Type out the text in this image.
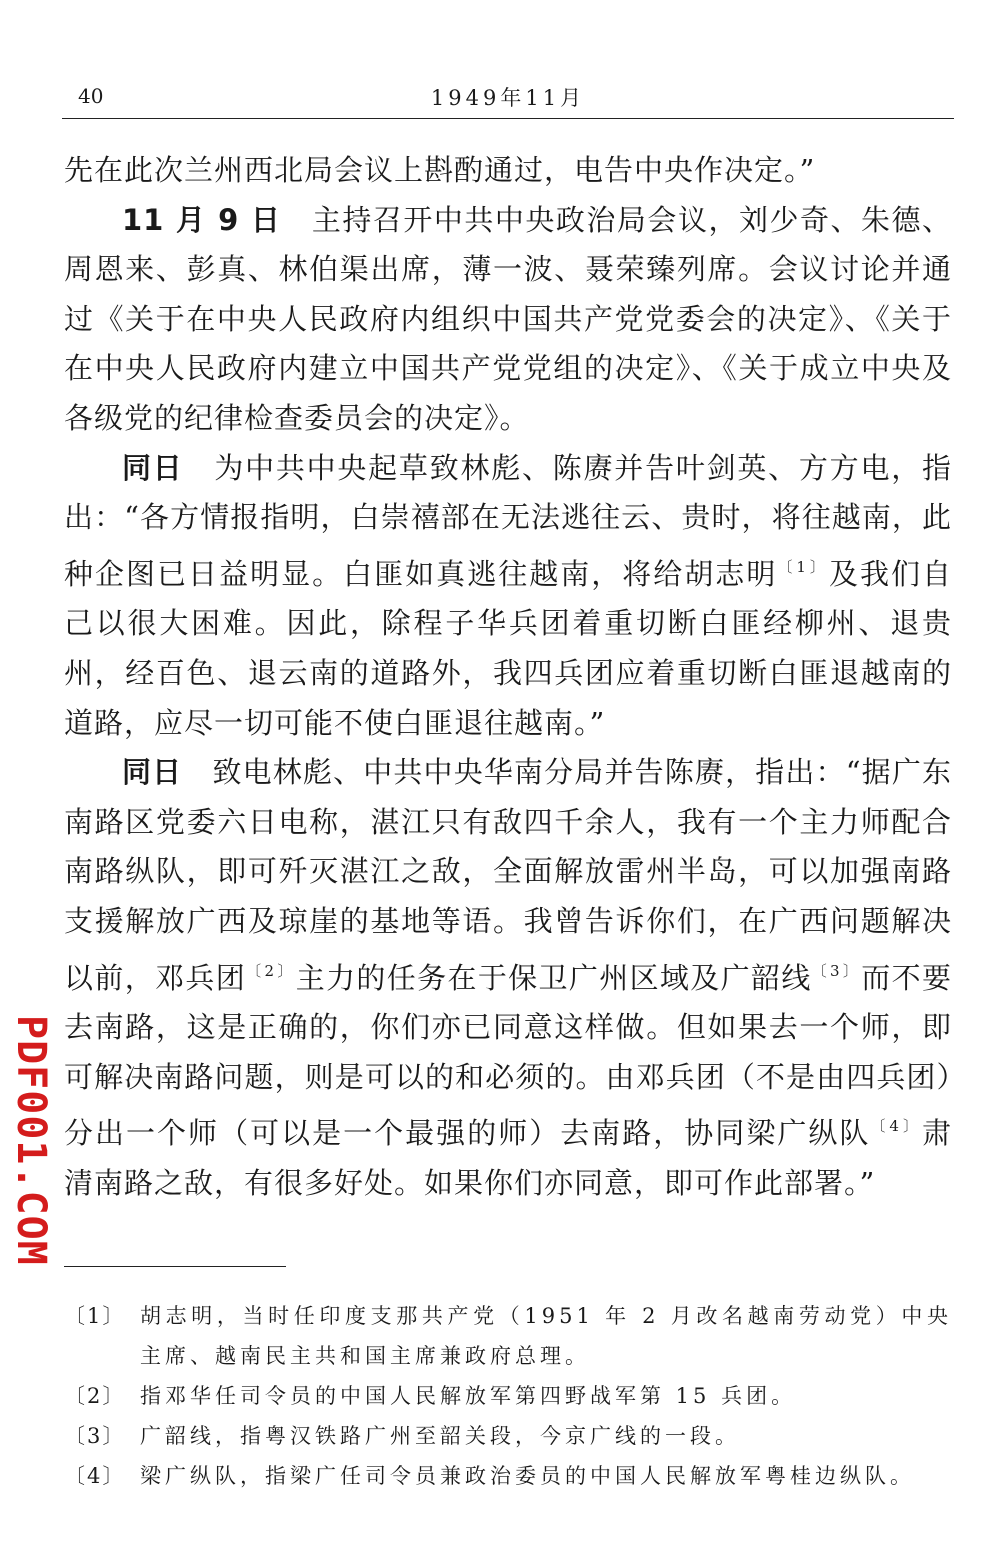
40	1949年11月

先在此次兰州西北局会议上斟酌通过，电告中央作决定。”

11 月 9 日　 主持召开中共中央政治局会议，刘少奇、朱德、周恩来、彭真、林伯渠出席，薄一波、聂荣臻列席。会议讨论并通过《关于在中央人民政府内组织中国共产党党委会的决定》、《关于在中央人民政府内建立中国共产党党组的决定》、《关于成立中央及各级党的纪律检查委员会的决定》。

同日　 为中共中央起草致林彪、陈赓并告叶剑英、方方电，指出：“各方情报指明，白崇禧部在无法逃往云、贵时，将往越南，此种企图已日益明显。白匪如真逃往越南，将给胡志明$^{〔1〕}$及我们自己以很大困难。因此，除程子华兵团着重切断白匪经柳州、退贵州，经百色、退云南的道路外，我四兵团应着重切断白匪退越南的道路，应尽一切可能不使白匪退往越南。”

同日　 致电林彪、中共中央华南分局并告陈赓，指出：“据广东南路区党委六日电称，湛江只有敌四千余人，我有一个主力师配合南路纵队，即可歼灭湛江之敌，全面解放雷州半岛，可以加强南路支援解放广西及琼崖的基地等语。我曾告诉你们，在广西问题解决以前，邓兵团$^{〔2〕}$主力的任务在于保卫广州区域及广韶线$^{〔3〕}$而不要去南路，这是正确的，你们亦已同意这样做。但如果去一个师，即可解决南路问题，则是可以的和必须的。由邓兵团（不是由四兵团）分出一个师（可以是一个最强的师）去南路，协同梁广纵队$^{〔4〕}$肃清南路之敌，有很多好处。如果你们亦同意，即可作此部署。”

PDF001.COM
〔1〕 胡志明，当时任印度支那共产党（1951 年 2 月改名越南劳动党）中央主席、越南民主共和国主席兼政府总理。
〔2〕 指邓华任司令员的中国人民解放军第四野战军第 15 兵团。
〔3〕 广韶线，指粤汉铁路广州至韶关段，今京广线的一段。
〔4〕 梁广纵队，指梁广任司令员兼政治委员的中国人民解放军粤桂边纵队。
